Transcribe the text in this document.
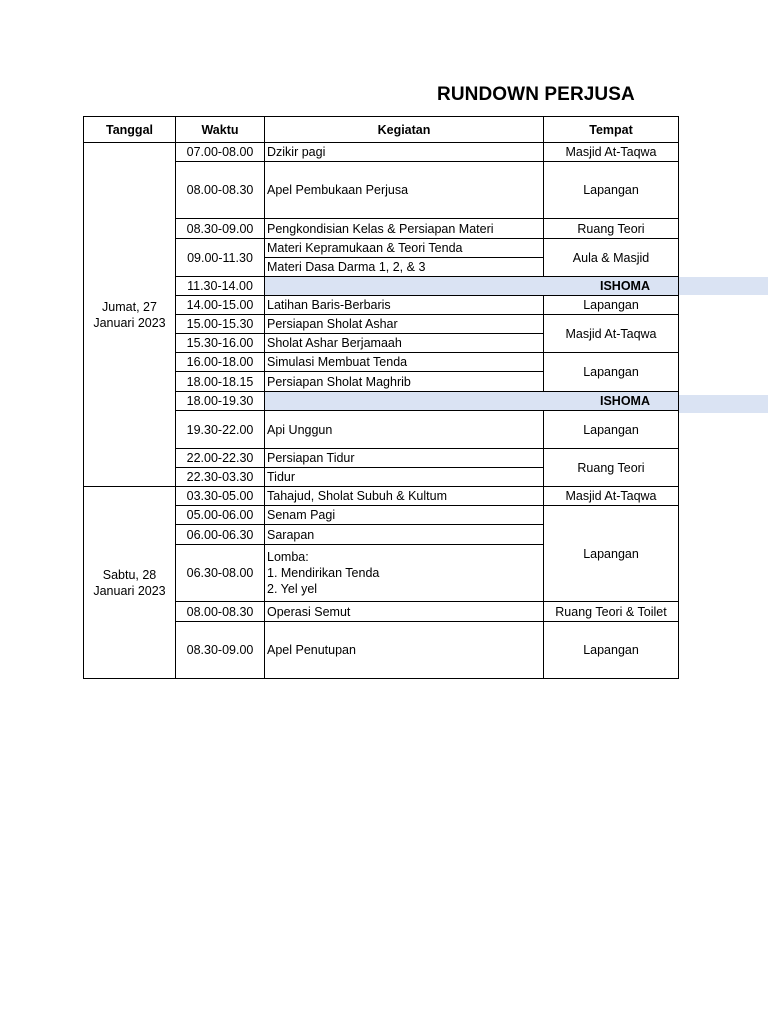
RUNDOWN PERJUSA
Tanggal	Waktu	Kegiatan	Tempat
Jumat, 27
Januari 2023	07.00-08.00	Dzikir pagi	Masjid At-Taqwa
	08.00-08.30	Apel Pembukaan Perjusa	Lapangan
	08.30-09.00	Pengkondisian Kelas & Persiapan Materi	Ruang Teori
	09.00-11.30	Materi Kepramukaan & Teori Tenda	Aula & Masjid
		Materi Dasa Darma 1, 2, & 3	
	11.30-14.00	ISHOMA	
	14.00-15.00	Latihan Baris-Berbaris	Lapangan
	15.00-15.30	Persiapan Sholat Ashar	Masjid At-Taqwa
	15.30-16.00	Sholat Ashar Berjamaah	
	16.00-18.00	Simulasi Membuat Tenda	Lapangan
	18.00-18.15	Persiapan Sholat Maghrib	
	18.00-19.30	ISHOMA	
	19.30-22.00	Api Unggun	Lapangan
	22.00-22.30	Persiapan Tidur	Ruang Teori
	22.30-03.30	Tidur	
Sabtu, 28
Januari 2023	03.30-05.00	Tahajud, Sholat Subuh & Kultum	Masjid At-Taqwa
	05.00-06.00	Senam Pagi	Lapangan
	06.00-06.30	Sarapan	
	06.30-08.00	Lomba:
1. Mendirikan Tenda
2. Yel yel	
	08.00-08.30	Operasi Semut	Ruang Teori & Toilet
	08.30-09.00	Apel Penutupan	Lapangan
